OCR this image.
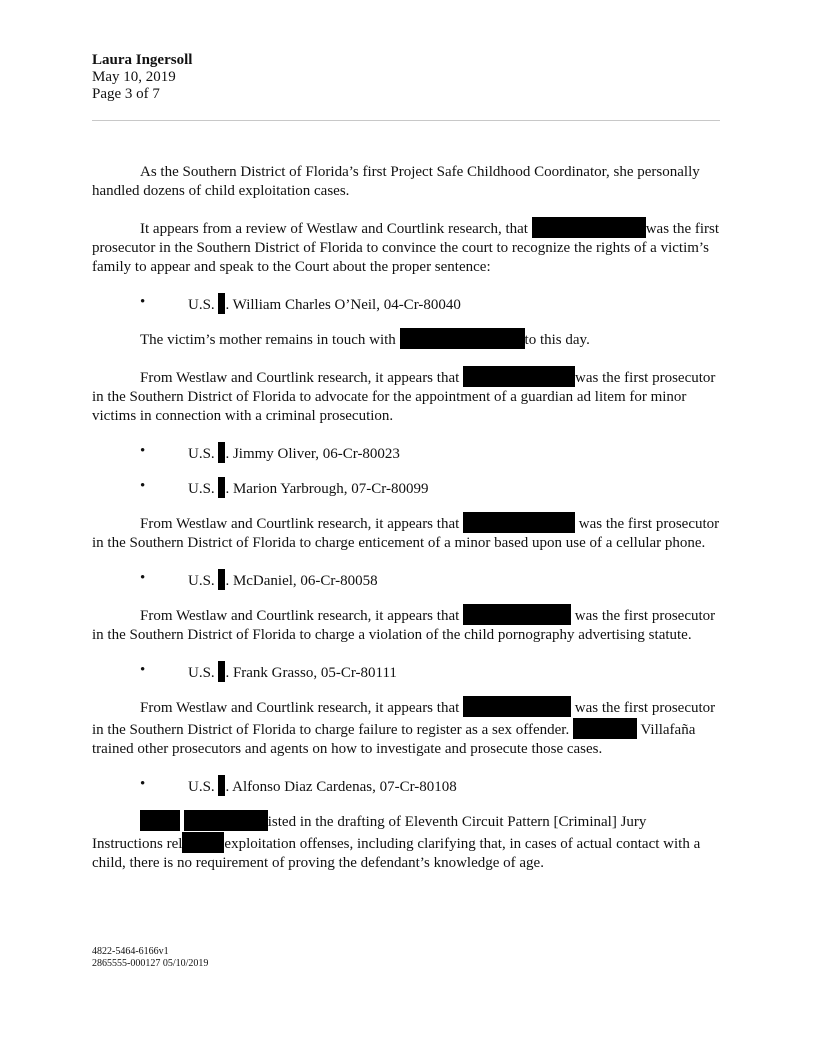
Laura Ingersoll
May 10, 2019
Page 3 of 7

As the Southern District of Florida’s first Project Safe Childhood Coordinator, she personally handled dozens of child exploitation cases.

It appears from a review of Westlaw and Courtlink research, that	was the first prosecutor in the Southern District of Florida to convince the court to recognize the rights of a victim’s family to appear and speak to the Court about the proper sentence:

•	U.S. . William Charles O’Neil, 04-Cr-80040

The victim’s mother remains in touch with	to this day.

From Westlaw and Courtlink research, it appears that	was the first prosecutor in the Southern District of Florida to advocate for the appointment of a guardian ad litem for minor victims in connection with a criminal prosecution.

•	U.S. . Jimmy Oliver, 06-Cr-80023
•	U.S. . Marion Yarbrough, 07-Cr-80099

From Westlaw and Courtlink research, it appears that	was the first prosecutor in the Southern District of Florida to charge enticement of a minor based upon use of a cellular phone.

•	U.S. . McDaniel, 06-Cr-80058

From Westlaw and Courtlink research, it appears that	was the first prosecutor in the Southern District of Florida to charge a violation of the child pornography advertising statute.

•	U.S. . Frank Grasso, 05-Cr-80111

From Westlaw and Courtlink research, it appears that	was the first prosecutor in the Southern District of Florida to charge failure to register as a sex offender.	Villafaña trained other prosecutors and agents on how to investigate and prosecute those cases.

•	U.S. . Alfonso Diaz Cardenas, 07-Cr-80108

isted in the drafting of Eleventh Circuit Pattern [Criminal] Jury Instructions rel	exploitation offenses, including clarifying that, in cases of actual contact with a child, there is no requirement of proving the defendant’s knowledge of age.

4822-5464-6166v1
2865555-000127 05/10/2019
